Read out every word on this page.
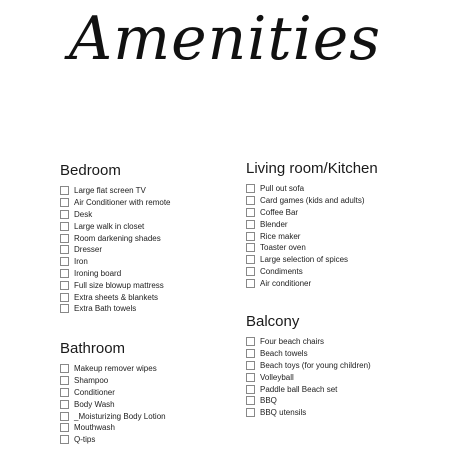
Amenities
Bedroom
Large flat screen TV
Air Conditioner with remote
Desk
Large walk in closet
Room darkening shades
Dresser
Iron
Ironing board
Full size blowup mattress
Extra sheets & blankets
Extra Bath towels
Living room/Kitchen
Pull out sofa
Card games (kids and adults)
Coffee Bar
Blender
Rice maker
Toaster oven
Large selection of spices
Condiments
Air conditioner
Balcony
Four beach chairs
Beach towels
Beach toys (for young children)
Volleyball
Paddle ball Beach set
BBQ
BBQ utensils
Bathroom
Makeup remover wipes
Shampoo
Conditioner
Body Wash
_Moisturizing Body Lotion
Mouthwash
Q-tips
